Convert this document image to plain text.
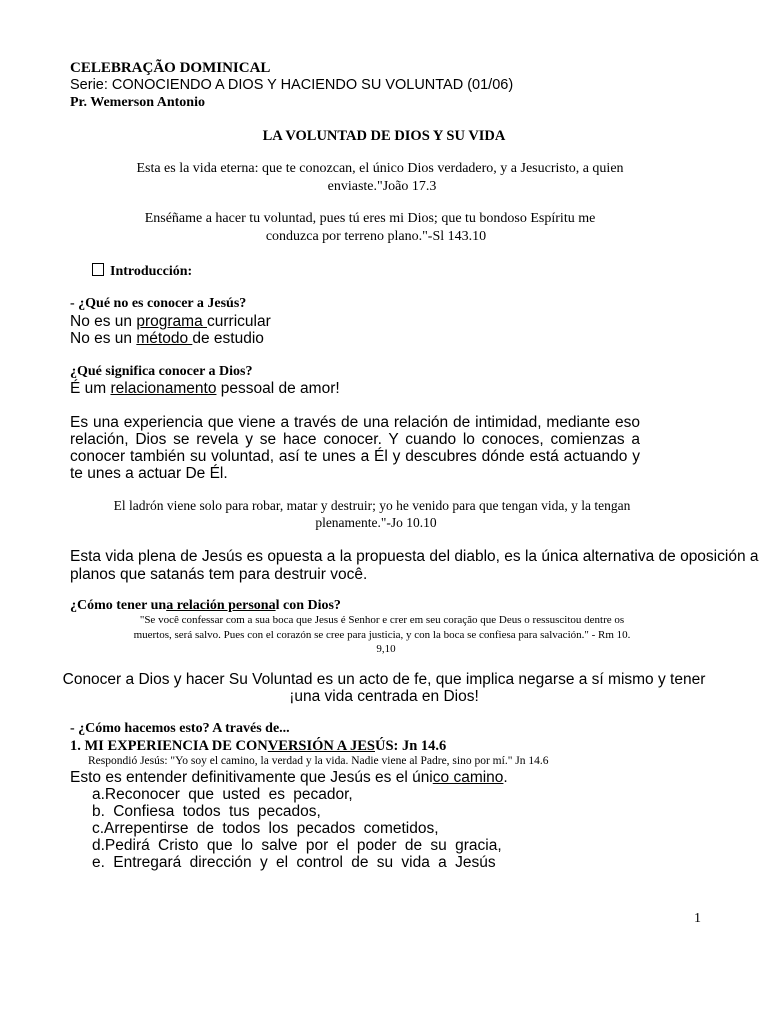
CELEBRAÇÃO DOMINICAL
Serie: CONOCIENDO A DIOS Y HACIENDO SU VOLUNTAD (01/06)
Pr. Wemerson Antonio
LA VOLUNTAD DE DIOS Y SU VIDA
Esta es la vida eterna: que te conozcan, el único Dios verdadero, y a Jesucristo, a quien
enviaste."João 17.3
Enséñame a hacer tu voluntad, pues tú eres mi Dios; que tu bondoso Espíritu me
conduzca por terreno plano."-Sl 143.10
Introducción:
- ¿Qué no es conocer a Jesús?
No es un programa curricular
No es un método de estudio
¿Qué significa conocer a Dios?
É um relacionamento pessoal de amor!
Es una experiencia que viene a través de una relación de intimidad, mediante eso relación, Dios se revela y se hace conocer. Y cuando lo conoces, comienzas a conocer también su voluntad, así te unes a Él y descubres dónde está actuando y te unes a actuar De Él.
El ladrón viene solo para robar, matar y destruir; yo he venido para que tengan vida, y la tengan
plenamente."-Jo 10.10
Esta vida plena de Jesús es opuesta a la propuesta del diablo, es la única alternativa de oposición a
planos que satanás tem para destruir você.
¿Cómo tener una relación personal con Dios?
"Se você confessar com a sua boca que Jesus é Senhor e crer em seu coração que Deus o ressuscitou dentre os
muertos, será salvo. Pues con el corazón se cree para justicia, y con la boca se confiesa para salvación." - Rm 10.
9,10
Conocer a Dios y hacer Su Voluntad es un acto de fe, que implica negarse a sí mismo y tener
¡una vida centrada en Dios!
- ¿Cómo hacemos esto? A través de...
1. MI EXPERIENCIA DE CONVERSIÓN A JESÚS: Jn 14.6
Respondió Jesús: "Yo soy el camino, la verdad y la vida. Nadie viene al Padre, sino por mí." Jn 14.6
Esto es entender definitivamente que Jesús es el único camino.
a.Reconocer que usted es pecador,
b. Confiesa todos tus pecados,
c.Arrepentirse de todos los pecados cometidos,
d.Pedirá Cristo que lo salve por el poder de su gracia,
e. Entregará dirección y el control de su vida a Jesús
1
